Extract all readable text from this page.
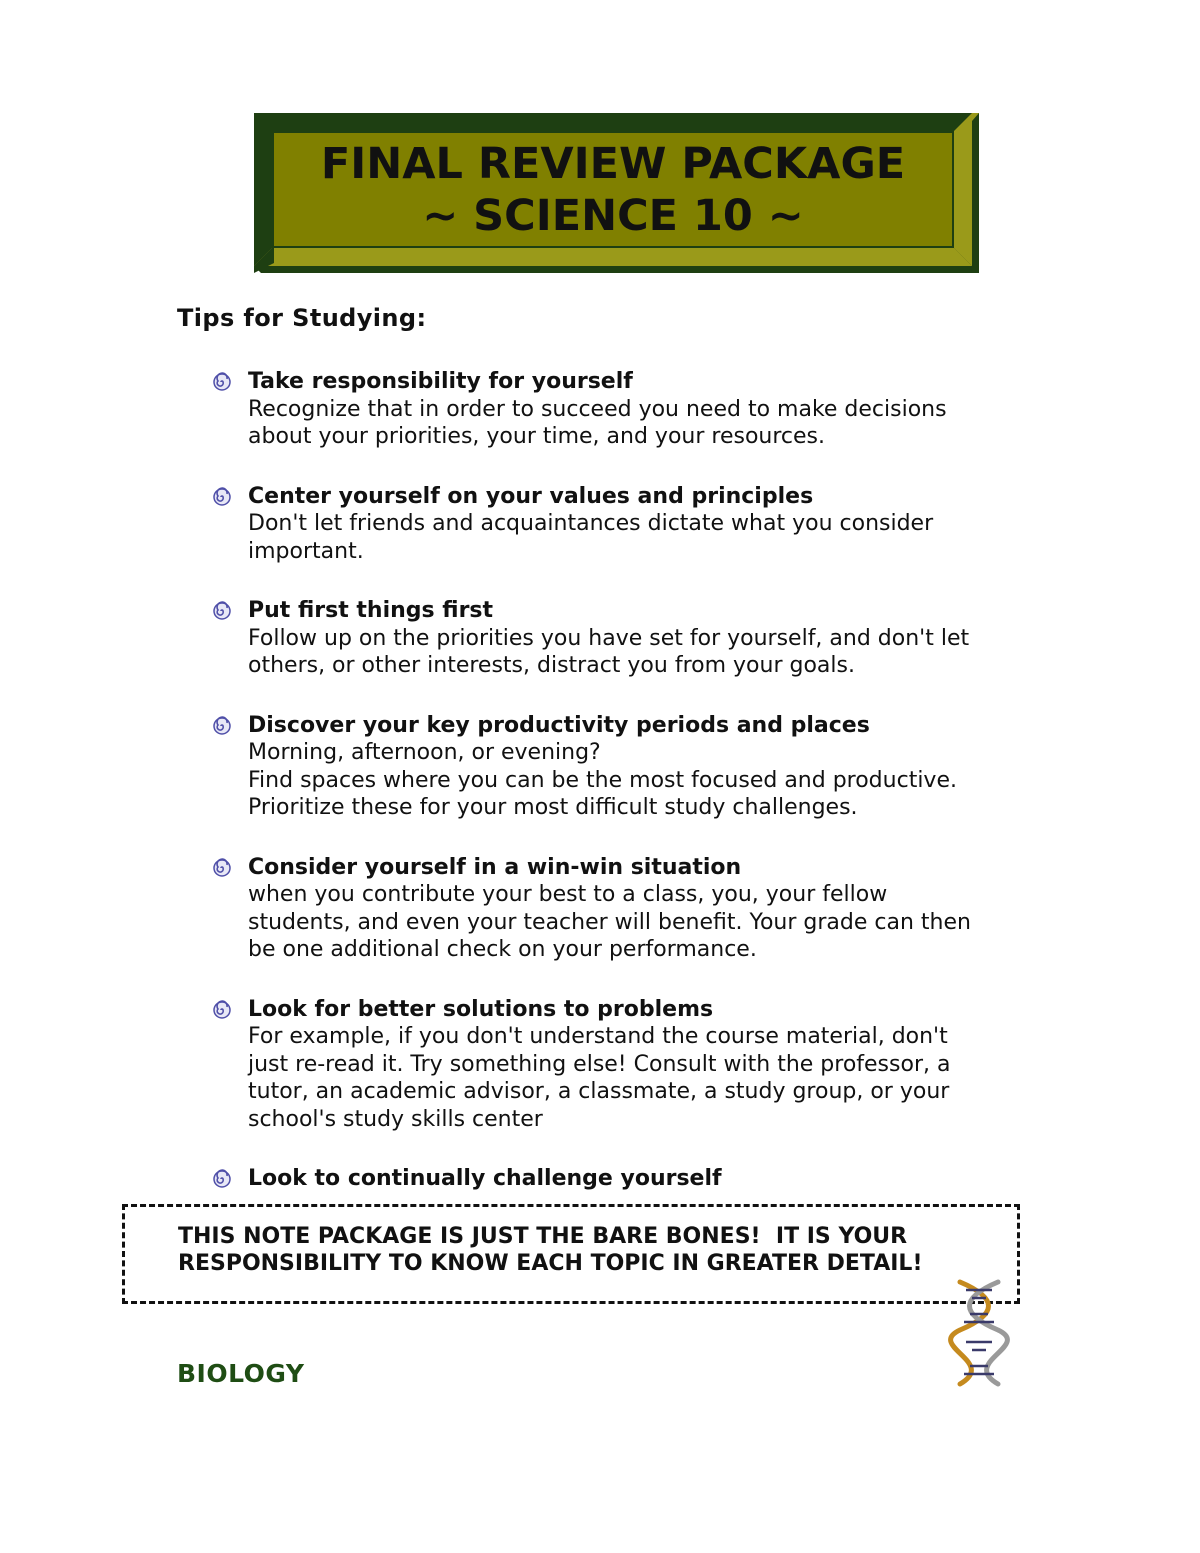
FINAL REVIEW PACKAGE
~ SCIENCE 10 ~
Tips for Studying:
Take responsibility for yourself
Recognize that in order to succeed you need to make decisions
about your priorities, your time, and your resources.
Center yourself on your values and principles
Don't let friends and acquaintances dictate what you consider
important.
Put first things first
Follow up on the priorities you have set for yourself, and don't let
others, or other interests, distract you from your goals.
Discover your key productivity periods and places
Morning, afternoon, or evening?
Find spaces where you can be the most focused and productive.
Prioritize these for your most difficult study challenges.
Consider yourself in a win-win situation
when you contribute your best to a class, you, your fellow
students, and even your teacher will benefit. Your grade can then
be one additional check on your performance.
Look for better solutions to problems
For example, if you don't understand the course material, don't
just re-read it. Try something else! Consult with the professor, a
tutor, an academic advisor, a classmate, a study group, or your
school's study skills center
Look to continually challenge yourself
THIS NOTE PACKAGE IS JUST THE BARE BONES!  IT IS YOUR
RESPONSIBILITY TO KNOW EACH TOPIC IN GREATER DETAIL!
BIOLOGY
